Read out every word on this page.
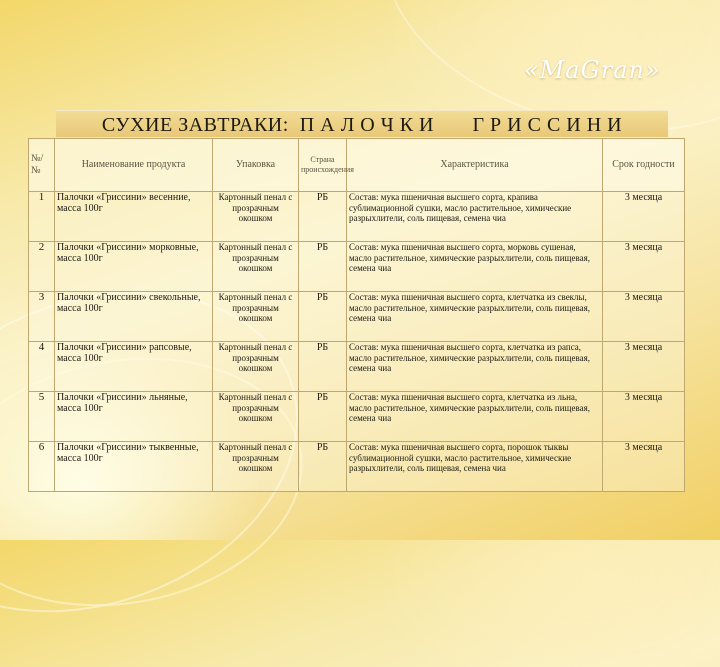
«MaGran»
СУХИЕ ЗАВТРАКИ:  П А Л О Ч К И       Г Р И С С И Н И
№/ №	Наименование продукта	Упаковка	Страна происхождения	Характеристика	Срок годности
1	Палочки «Гриссини» весенние, масса 100г	Картонный пенал с прозрачным окошком	РБ	Состав: мука пшеничная высшего сорта, крапива сублимационной сушки, масло растительное, химические разрыхлители, соль пищевая, семена чиа	3 месяца
2	Палочки «Гриссини» морковные, масса 100г	Картонный пенал с прозрачным окошком	РБ	Состав: мука пшеничная высшего сорта, морковь сушеная, масло растительное, химические разрыхлители, соль пищевая, семена чиа	3 месяца
3	Палочки «Гриссини» свекольные, масса 100г	Картонный пенал с прозрачным окошком	РБ	Состав: мука пшеничная высшего сорта, клетчатка из свеклы, масло растительное, химические разрыхлители, соль пищевая, семена чиа	3 месяца
4	Палочки «Гриссини» рапсовые, масса 100г	Картонный пенал с прозрачным окошком	РБ	Состав: мука пшеничная высшего сорта, клетчатка из рапса, масло растительное, химические разрыхлители, соль пищевая, семена чиа	3 месяца
5	Палочки «Гриссини» льняные, масса 100г	Картонный пенал с прозрачным окошком	РБ	Состав: мука пшеничная высшего сорта, клетчатка из льна, масло растительное, химические разрыхлители, соль пищевая, семена чиа	3 месяца
6	Палочки «Гриссини» тыквенные, масса 100г	Картонный пенал с прозрачным окошком	РБ	Состав: мука пшеничная высшего сорта, порошок тыквы сублимационной сушки, масло растительное, химические разрыхлители, соль пищевая, семена чиа	3 месяца
